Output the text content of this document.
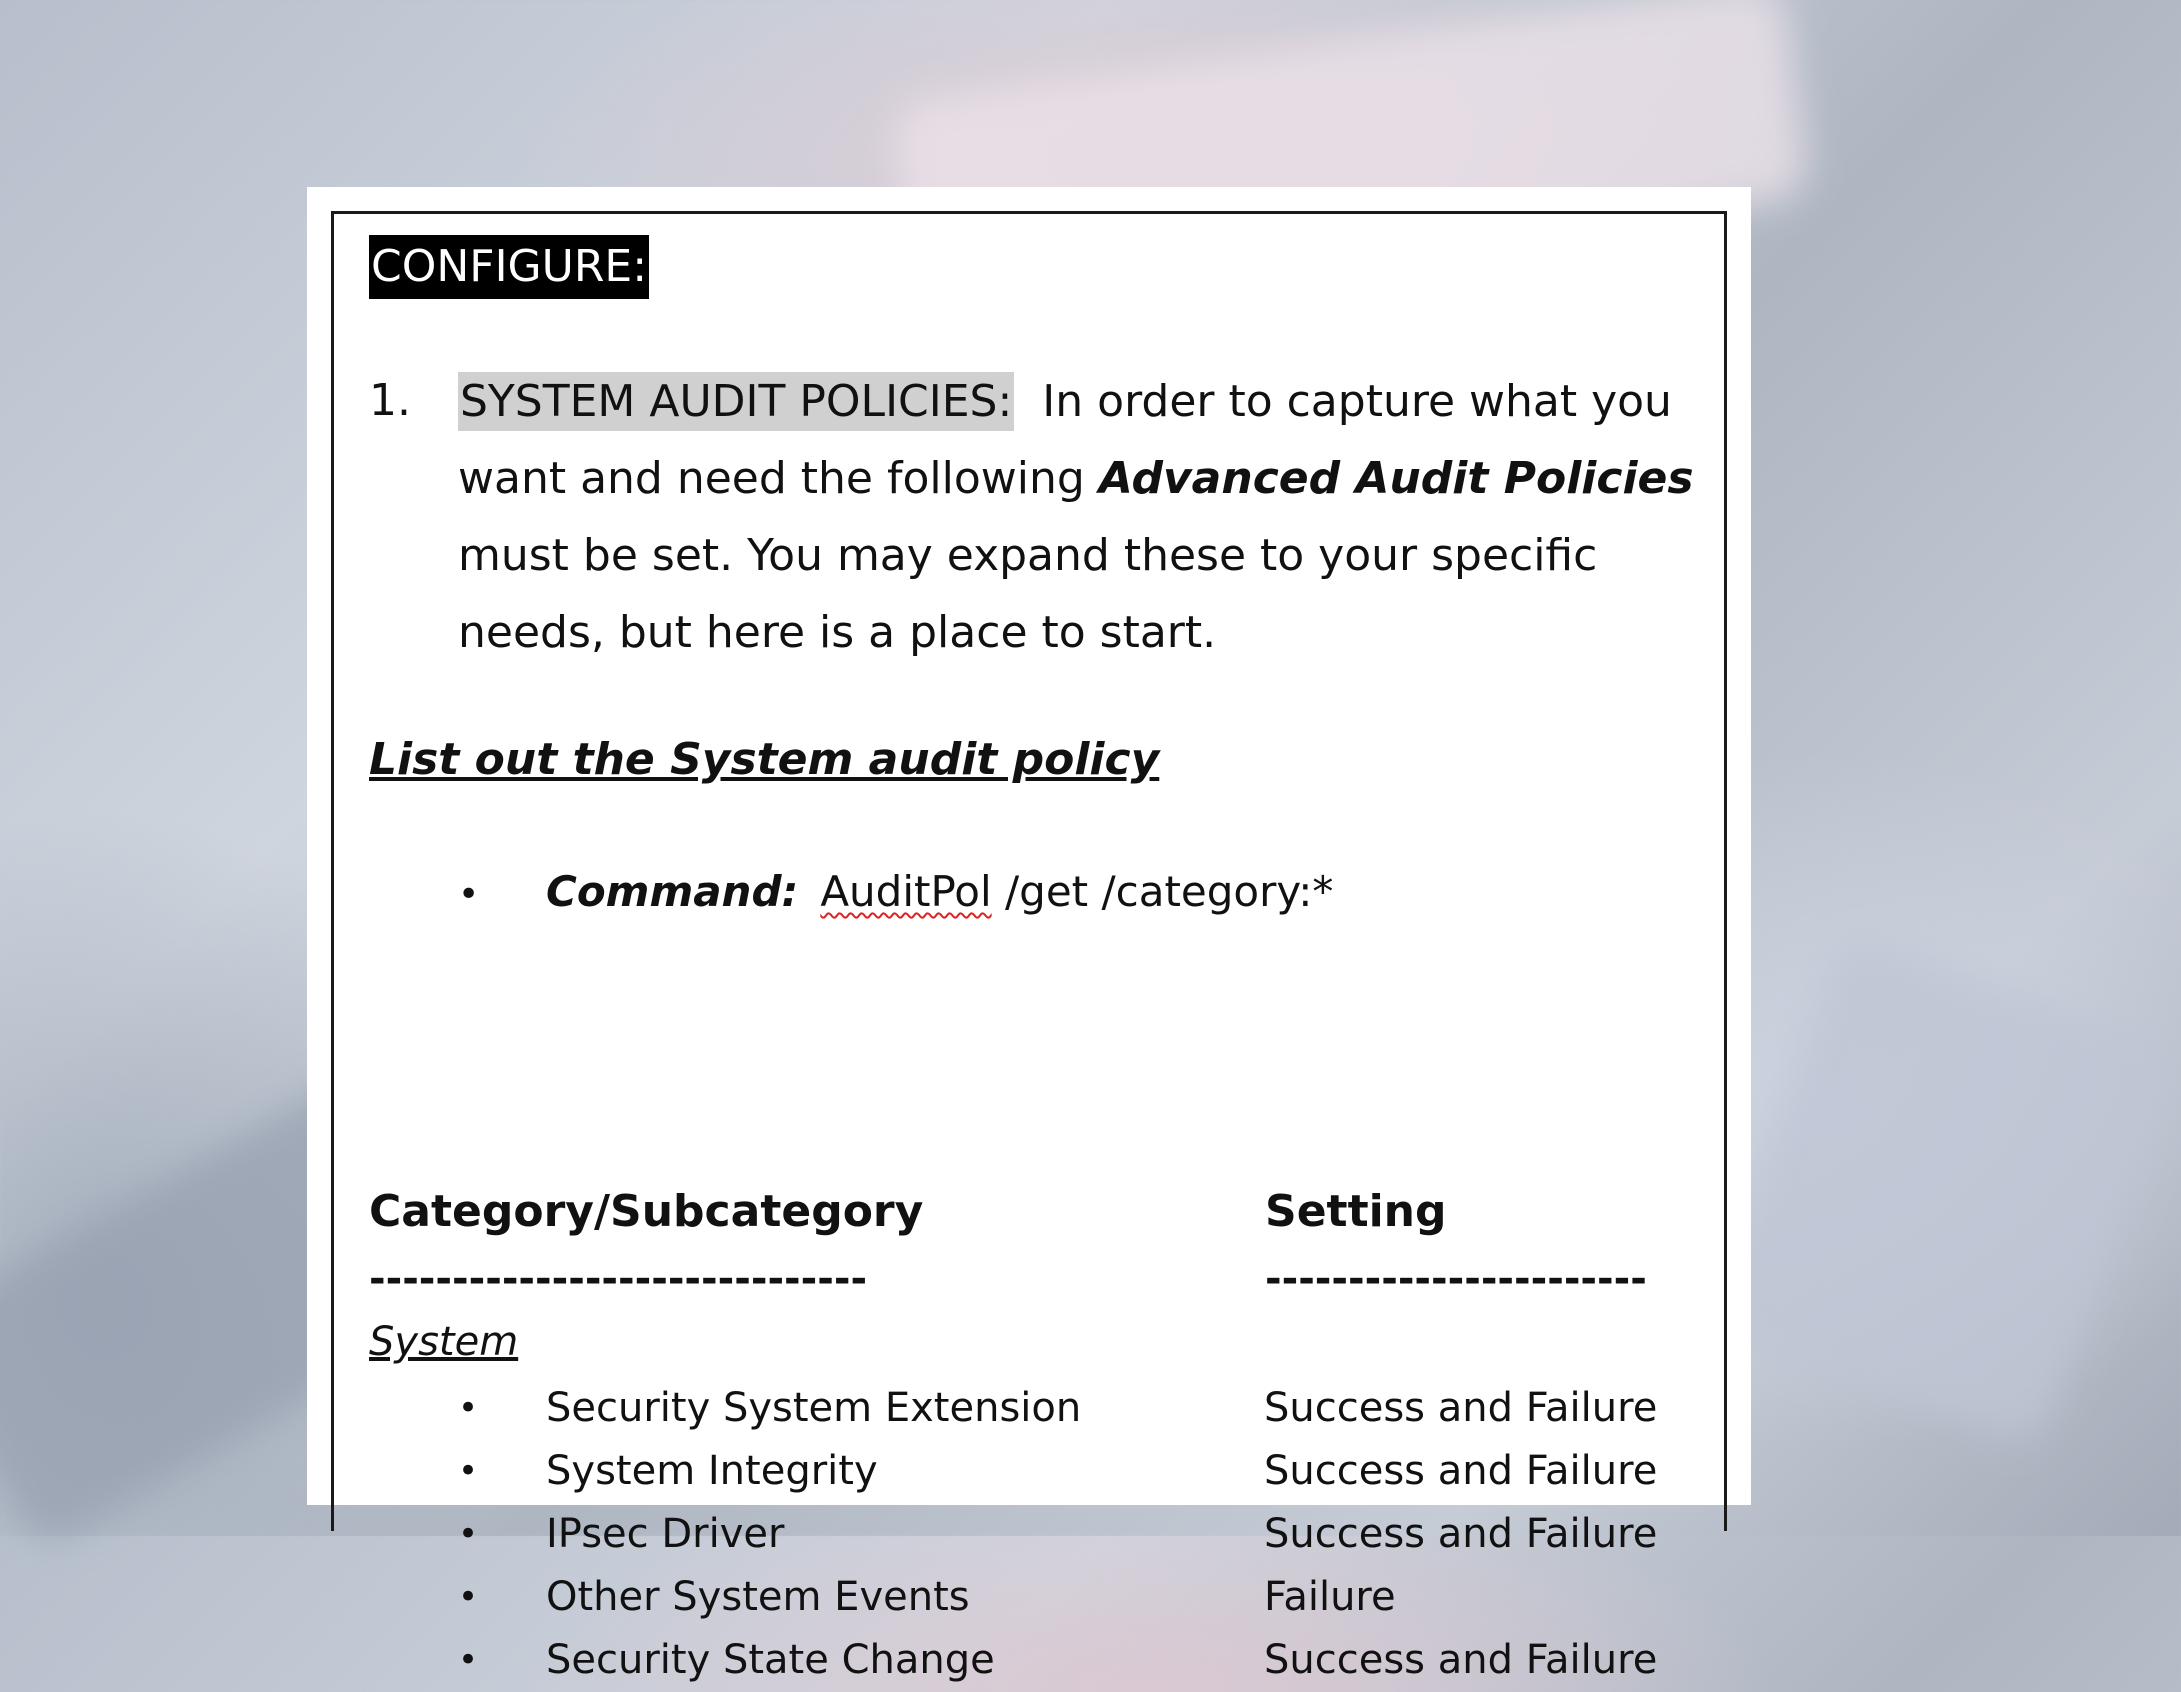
CONFIGURE:
1. SYSTEM AUDIT POLICIES: In order to capture what you want and need the following Advanced Audit Policies must be set. You may expand these to your specific needs, but here is a place to start.
List out the System audit policy
• Command: AuditPol /get /category:*
Category/Subcategory	Setting
------------------------------	-----------------------
System
• Security System Extension	Success and Failure
• System Integrity	Success and Failure
• IPsec Driver	Success and Failure
• Other System Events	Failure
• Security State Change	Success and Failure
